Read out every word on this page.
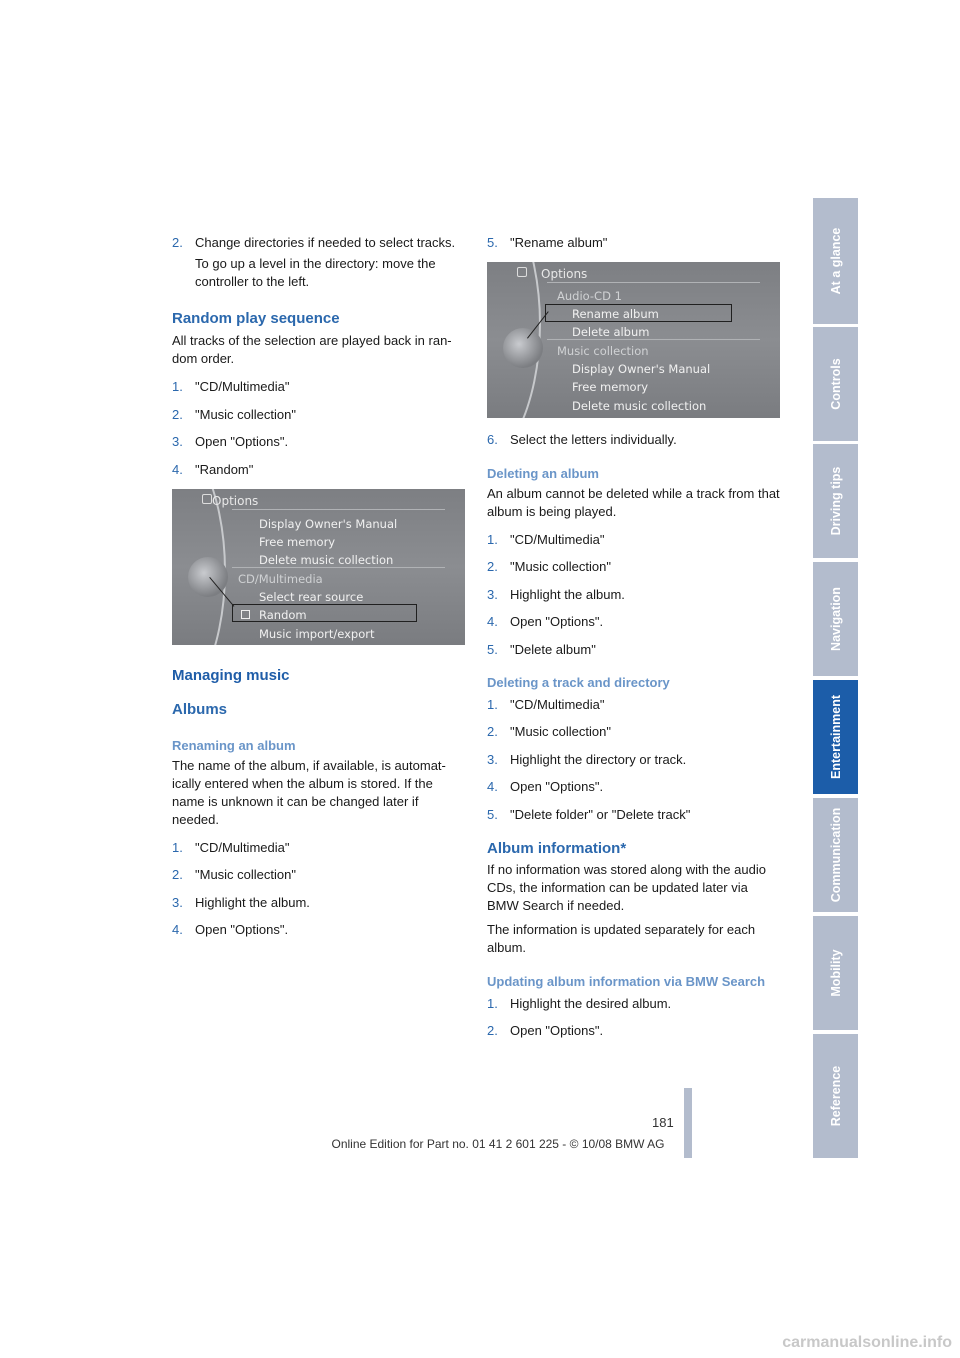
2. Change directories if needed to select tracks.
To go up a level in the directory: move the controller to the left.
Random play sequence
All tracks of the selection are played back in ran-dom order.
1. "CD/Multimedia"
2. "Music collection"
3. Open "Options".
4. "Random"
Options
Display Owner's Manual
Free memory
Delete music collection
CD/Multimedia
Select rear source
Random
Music import/export
Managing music
Albums
Renaming an album
The name of the album, if available, is automat-ically entered when the album is stored. If the name is unknown it can be changed later if needed.
1. "CD/Multimedia"
2. "Music collection"
3. Highlight the album.
4. Open "Options".
5. "Rename album"
Options
Audio-CD 1
Rename album
Delete album
Music collection
Display Owner's Manual
Free memory
Delete music collection
6. Select the letters individually.
Deleting an album
An album cannot be deleted while a track from that album is being played.
1. "CD/Multimedia"
2. "Music collection"
3. Highlight the album.
4. Open "Options".
5. "Delete album"
Deleting a track and directory
1. "CD/Multimedia"
2. "Music collection"
3. Highlight the directory or track.
4. Open "Options".
5. "Delete folder" or "Delete track"
Album information*
If no information was stored along with the audio CDs, the information can be updated later via BMW Search if needed.
The information is updated separately for each album.
Updating album information via BMW Search
1. Highlight the desired album.
2. Open "Options".
At a glance
Controls
Driving tips
Navigation
Entertainment
Communication
Mobility
Reference
181
Online Edition for Part no. 01 41 2 601 225 - © 10/08 BMW AG
carmanualsonline.info
